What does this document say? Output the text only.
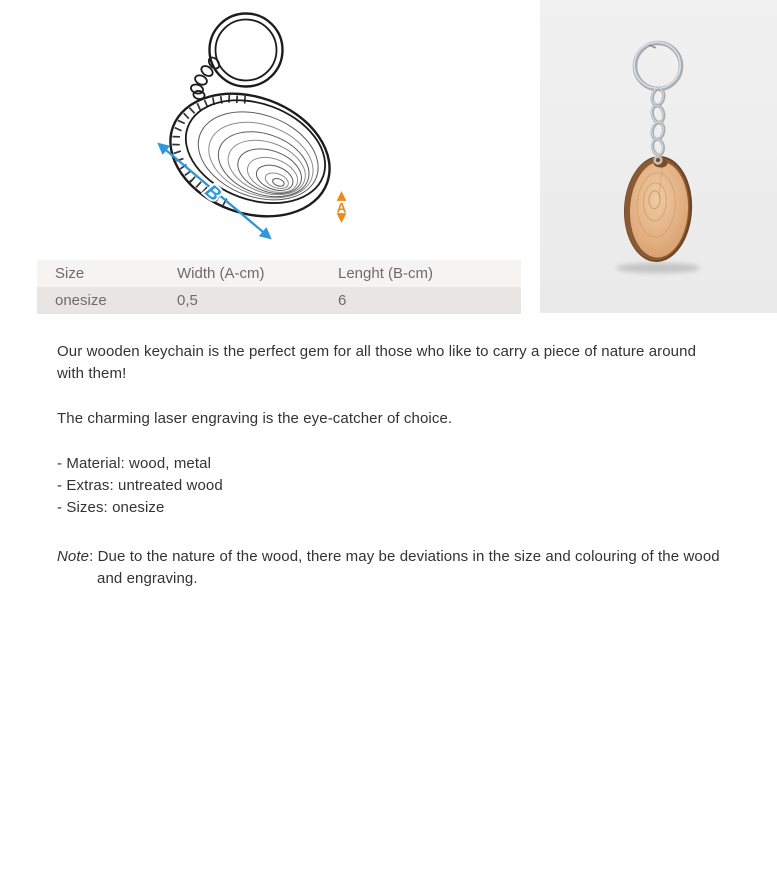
B
A
Size	Width (A-cm)	Lenght (B-cm)
onesize	0,5	6

Our wooden keychain is the perfect gem for all those who like to carry a piece of nature around with them!

The charming laser engraving is the eye-catcher of choice.

- Material: wood, metal
- Extras: untreated wood
- Sizes: onesize

Note: Due to the nature of the wood, there may be deviations in the size and colouring of the wood and engraving.
